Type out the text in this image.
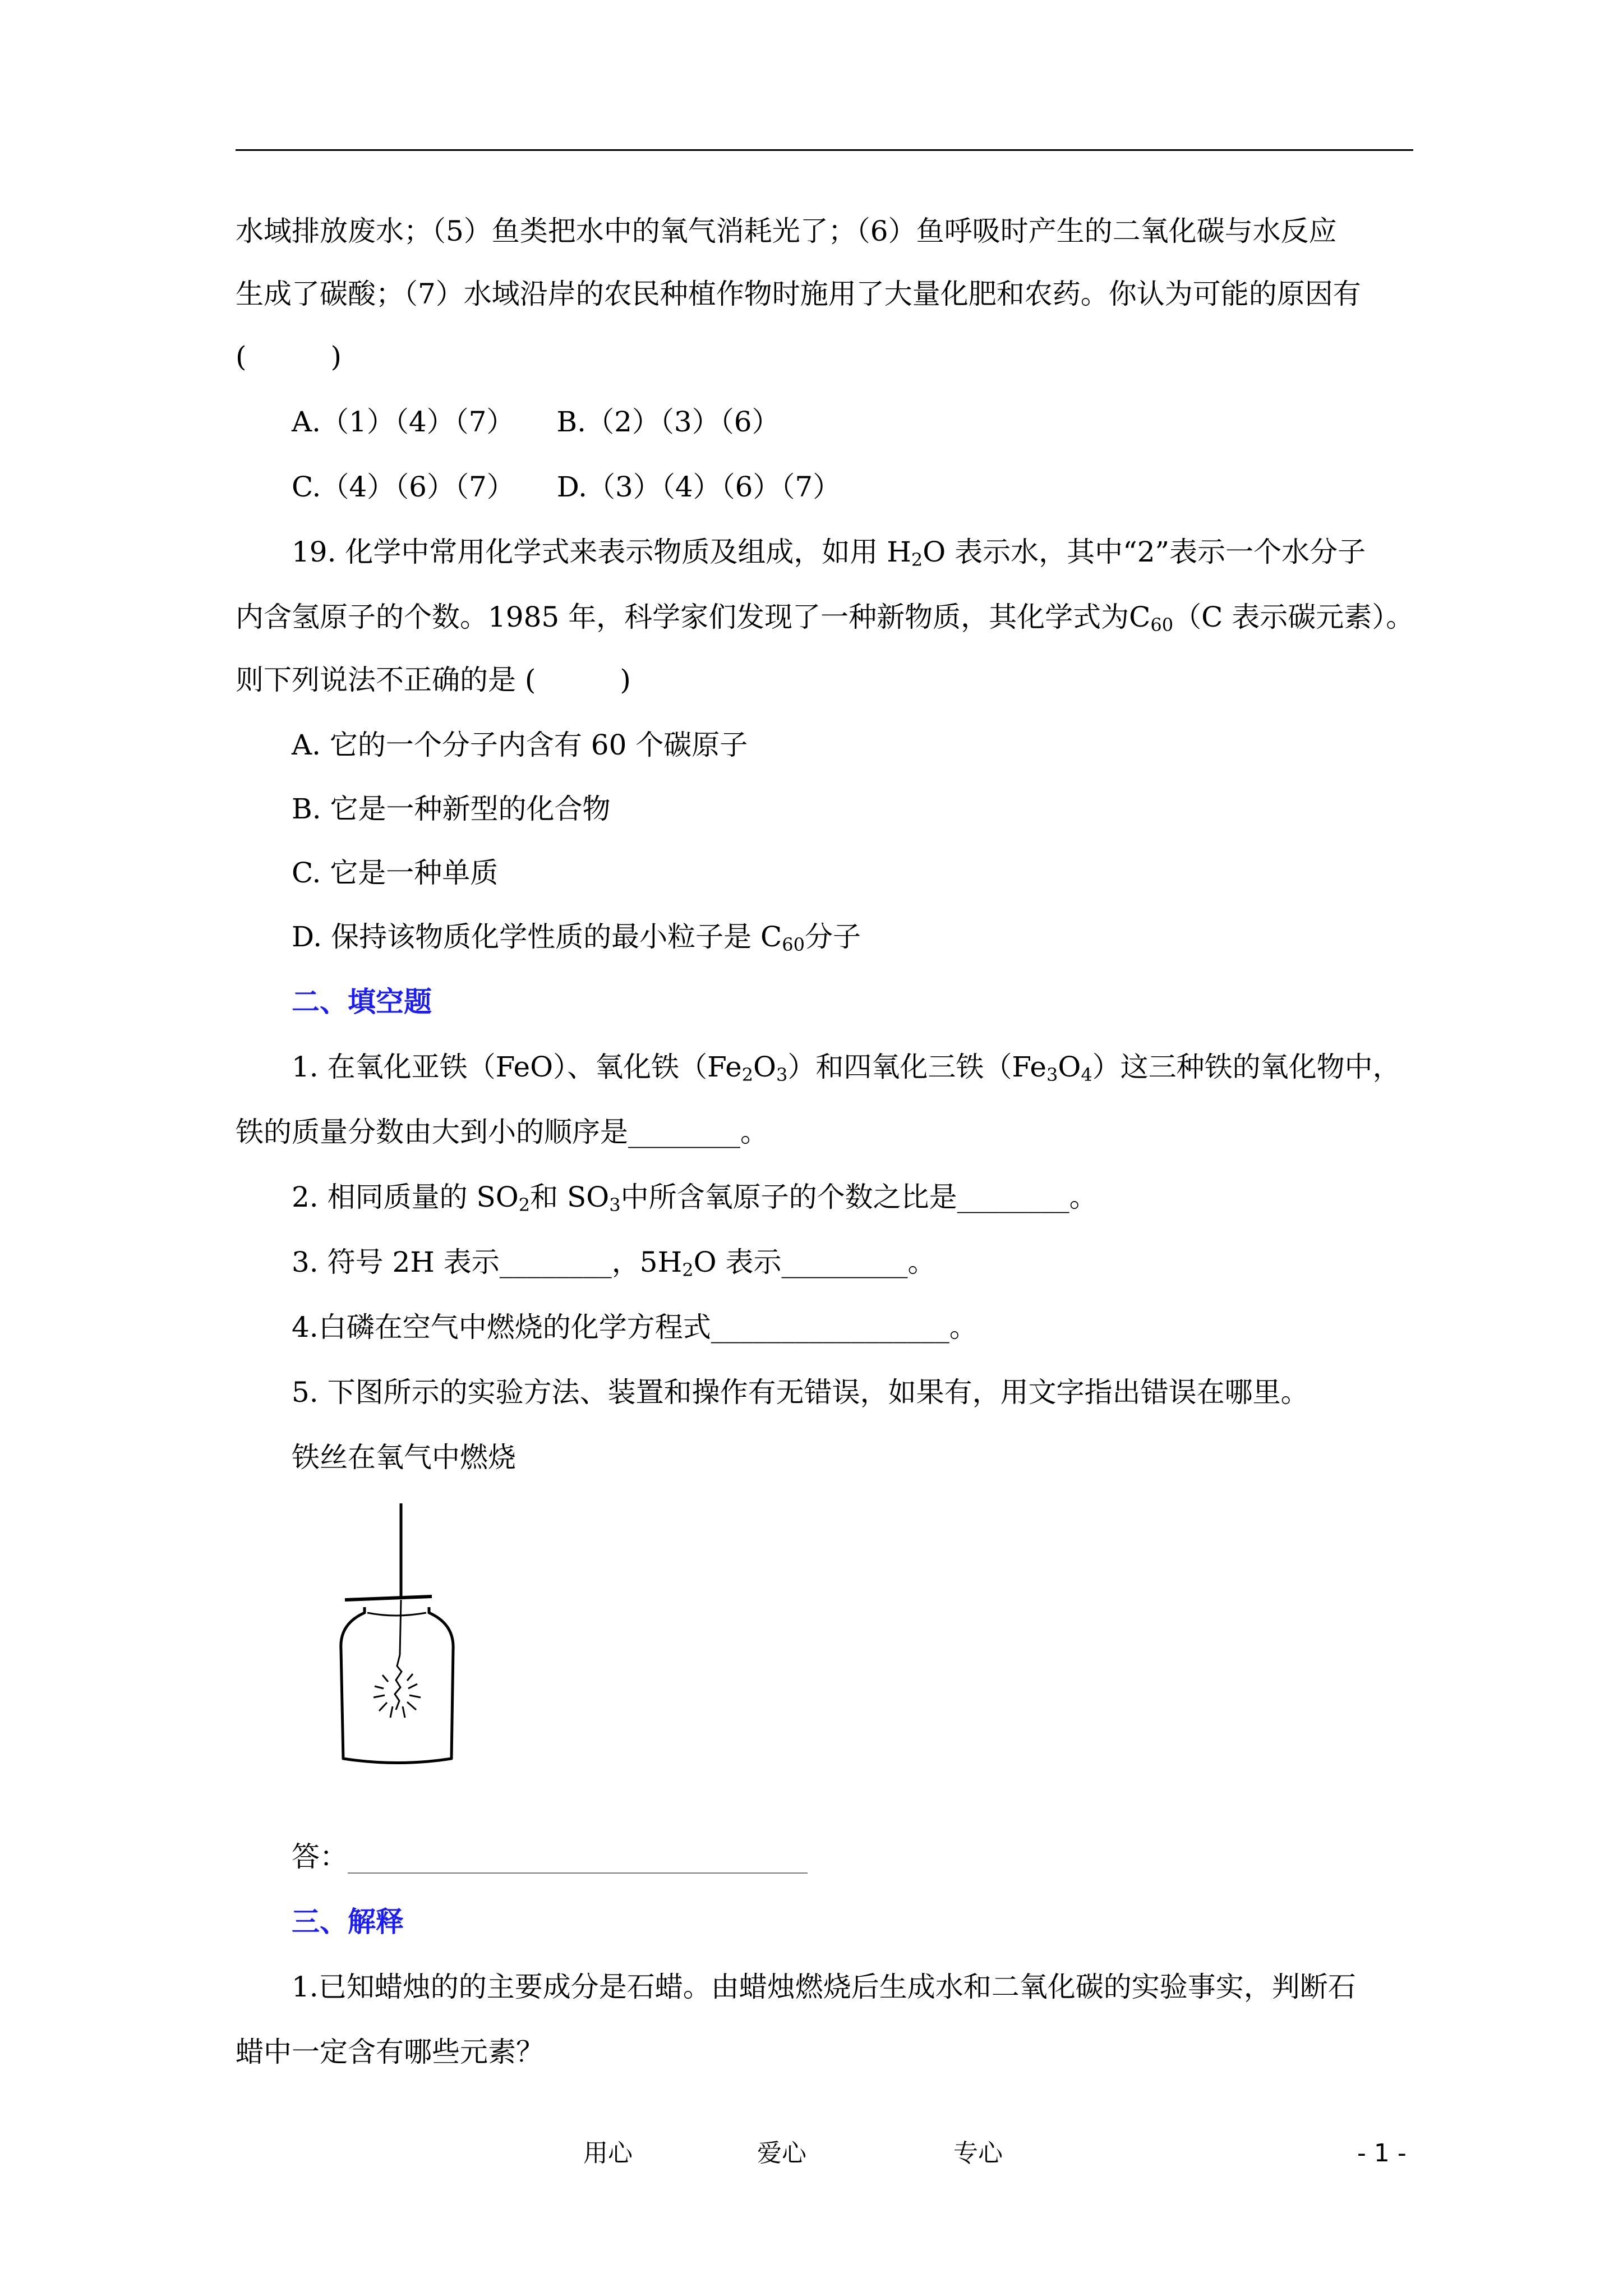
水域排放废水；（5）鱼类把水中的氧气消耗光了；（6）鱼呼吸时产生的二氧化碳与水反应
生成了碳酸；（7）水域沿岸的农民种植作物时施用了大量化肥和农药。你认为可能的原因有
(　　　)
A.（1）（4）（7）　　B.（2）（3）（6）
C.（4）（6）（7）　　D.（3）（4）（6）（7）
19. 化学中常用化学式来表示物质及组成，如用 $H_2O$ 表示水，其中“2”表示一个水分子
内含氢原子的个数。1985 年，科学家们发现了一种新物质，其化学式为$C_{60}(C$ 表示碳元素）。
则下列说法不正确的是 (　　　)
A. 它的一个分子内含有 60 个碳原子
B. 它是一种新型的化合物
C. 它是一种单质
D. 保持该物质化学性质的最小粒子是 $C_{60}$分子
二、填空题
1. 在氧化亚铁（FeO）、氧化铁$(Fe_2O_3)$和四氧化三铁$(Fe_3O_4)$这三种铁的氧化物中，
铁的质量分数由大到小的顺序是________。
2. 相同质量的 $SO_2$和 $SO_3$中所含氧原子的个数之比是________。
3. 符号 2H 表示________，$5H_2O$ 表示_________。
4.白磷在空气中燃烧的化学方程式_________________。
5. 下图所示的实验方法、装置和操作有无错误，如果有，用文字指出错误在哪里。
铁丝在氧气中燃烧
答：
三、解释
1.已知蜡烛的的主要成分是石蜡。由蜡烛燃烧后生成水和二氧化碳的实验事实，判断石
蜡中一定含有哪些元素？
用心	爱心	专心	- 1 -
